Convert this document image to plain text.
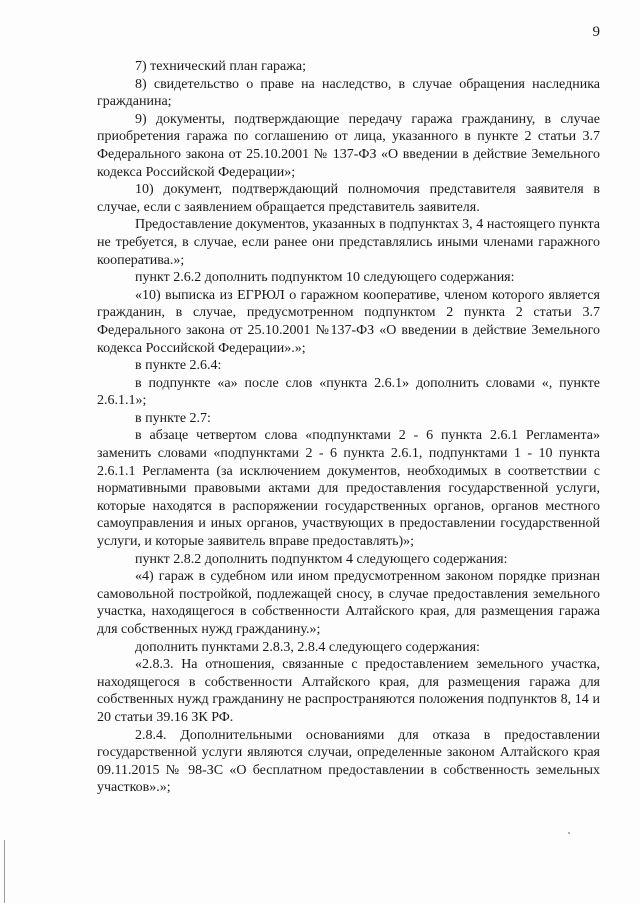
9

7) технический план гаража;

8) свидетельство о праве на наследство, в случае обращения наследника гражданина;

9) документы, подтверждающие передачу гаража гражданину, в случае приобретения гаража по соглашению от лица, указанного в пункте 2 статьи 3.7 Федерального закона от 25.10.2001 № 137-ФЗ «О введении в действие Земельного кодекса Российской Федерации»;

10) документ, подтверждающий полномочия представителя заявителя в случае, если с заявлением обращается представитель заявителя.

Предоставление документов, указанных в подпунктах 3, 4 настоящего пункта не требуется, в случае, если ранее они представлялись иными членами гаражного кооператива.»;

пункт 2.6.2 дополнить подпунктом 10 следующего содержания:

«10) выписка из ЕГРЮЛ о гаражном кооперативе, членом которого является гражданин, в случае, предусмотренном подпунктом 2 пункта 2 статьи 3.7 Федерального закона от 25.10.2001 №137-ФЗ «О введении в действие Земельного кодекса Российской Федерации».»;

в пункте 2.6.4:

в подпункте «а» после слов «пункта 2.6.1» дополнить словами «, пункте 2.6.1.1»;

в пункте 2.7:

в абзаце четвертом слова «подпунктами 2 - 6 пункта 2.6.1 Регламента» заменить словами «подпунктами 2 - 6 пункта 2.6.1, подпунктами 1 - 10 пункта 2.6.1.1 Регламента (за исключением документов, необходимых в соответствии с нормативными правовыми актами для предоставления государственной услуги, которые находятся в распоряжении государственных органов, органов местного самоуправления и иных органов, участвующих в предоставлении государственной услуги, и которые заявитель вправе предоставлять)»;

пункт 2.8.2 дополнить подпунктом 4 следующего содержания:

«4) гараж в судебном или ином предусмотренном законом порядке признан самовольной постройкой, подлежащей сносу, в случае предоставления земельного участка, находящегося в собственности Алтайского края, для размещения гаража для собственных нужд гражданину.»;

дополнить пунктами 2.8.3, 2.8.4 следующего содержания:

«2.8.3. На отношения, связанные с предоставлением земельного участка, находящегося в собственности Алтайского края, для размещения гаража для собственных нужд гражданину не распространяются положения подпунктов 8, 14 и 20 статьи 39.16 ЗК РФ.

2.8.4. Дополнительными основаниями для отказа в предоставлении государственной услуги являются случаи, определенные законом Алтайского края 09.11.2015 № 98-ЗС «О бесплатном предоставлении в собственность земельных участков».»;
